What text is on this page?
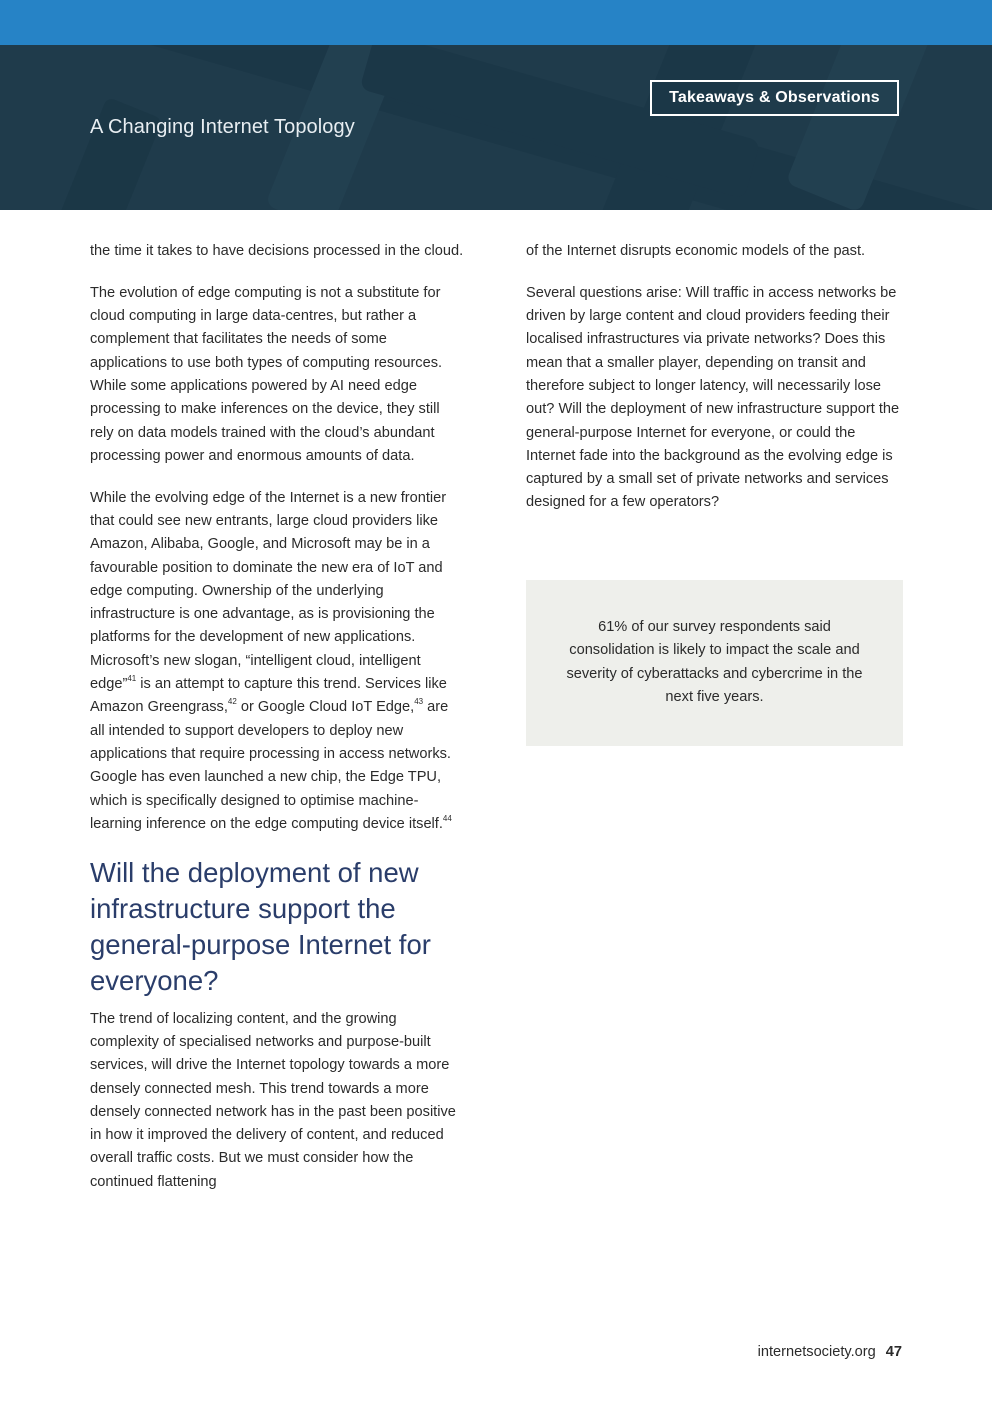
A Changing Internet Topology
Takeaways & Observations

the time it takes to have decisions processed in the cloud.

The evolution of edge computing is not a substitute for cloud computing in large data-centres, but rather a complement that facilitates the needs of some applications to use both types of computing resources. While some applications powered by AI need edge processing to make inferences on the device, they still rely on data models trained with the cloud’s abundant processing power and enormous amounts of data.

While the evolving edge of the Internet is a new frontier that could see new entrants, large cloud providers like Amazon, Alibaba, Google, and Microsoft may be in a favourable position to dominate the new era of IoT and edge computing. Ownership of the underlying infrastructure is one advantage, as is provisioning the platforms for the development of new applications. Microsoft’s new slogan, “intelligent cloud, intelligent edge”$^{41}$ is an attempt to capture this trend. Services like Amazon Greengrass,$^{42}$ or Google Cloud IoT Edge,$^{43}$ are all intended to support developers to deploy new applications that require processing in access networks. Google has even launched a new chip, the Edge TPU, which is specifically designed to optimise machine-learning inference on the edge computing device itself.$^{44}$

Will the deployment of new infrastructure support the general-purpose Internet for everyone?

The trend of localizing content, and the growing complexity of specialised networks and purpose-built services, will drive the Internet topology towards a more densely connected mesh. This trend towards a more densely connected network has in the past been positive in how it improved the delivery of content, and reduced overall traffic costs. But we must consider how the continued flattening

of the Internet disrupts economic models of the past.

Several questions arise: Will traffic in access networks be driven by large content and cloud providers feeding their localised infrastructures via private networks? Does this mean that a smaller player, depending on transit and therefore subject to longer latency, will necessarily lose out? Will the deployment of new infrastructure support the general-purpose Internet for everyone, or could the Internet fade into the background as the evolving edge is captured by a small set of private networks and services designed for a few operators?

61% of our survey respondents said consolidation is likely to impact the scale and severity of cyberattacks and cybercrime in the next five years.
internetsociety.org 47
